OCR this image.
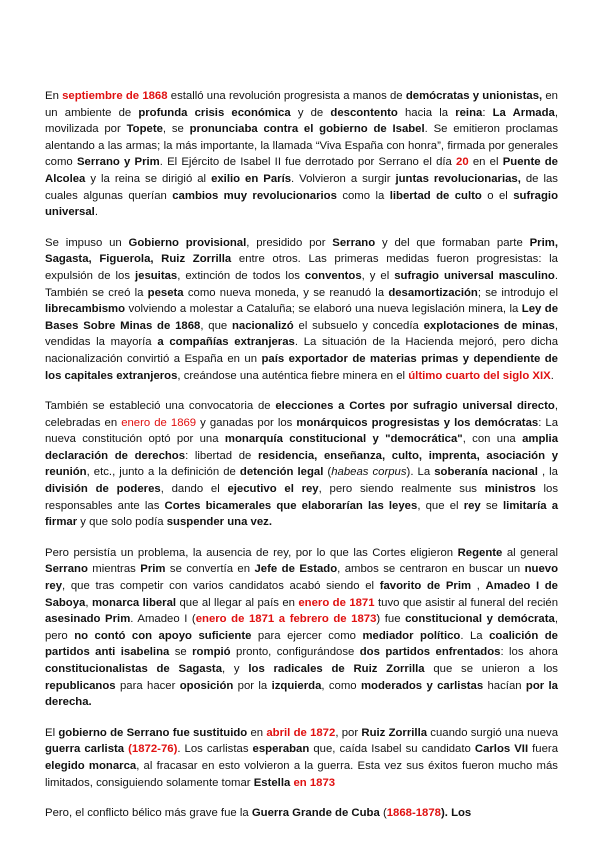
En septiembre de 1868 estalló una revolución progresista a manos de demócratas y unionistas, en un ambiente de profunda crisis económica y de descontento hacia la reina: La Armada, movilizada por Topete, se pronunciaba contra el gobierno de Isabel. Se emitieron proclamas alentando a las armas; la más importante, la llamada “Viva España con honra”, firmada por generales como Serrano y Prim. El Ejército de Isabel II fue derrotado por Serrano el día 20 en el Puente de Alcolea y la reina se dirigió al exilio en París. Volvieron a surgir juntas revolucionarias, de las cuales algunas querían cambios muy revolucionarios como la libertad de culto o el sufragio universal.

Se impuso un Gobierno provisional, presidido por Serrano y del que formaban parte Prim, Sagasta, Figuerola, Ruiz Zorrilla entre otros. Las primeras medidas fueron progresistas: la expulsión de los jesuitas, extinción de todos los conventos, y el sufragio universal masculino. También se creó la peseta como nueva moneda, y se reanudó la desamortización; se introdujo el librecambismo volviendo a molestar a Cataluña; se elaboró una nueva legislación minera, la Ley de Bases Sobre Minas de 1868, que nacionalizó el subsuelo y concedía explotaciones de minas, vendidas la mayoría a compañías extranjeras. La situación de la Hacienda mejoró, pero dicha nacionalización convirtió a España en un país exportador de materias primas y dependiente de los capitales extranjeros, creándose una auténtica fiebre minera en el último cuarto del siglo XIX.

También se estableció una convocatoria de elecciones a Cortes por sufragio universal directo, celebradas en enero de 1869 y ganadas por los monárquicos progresistas y los demócratas: La nueva constitución optó por una monarquía constitucional y "democrática", con una amplia declaración de derechos: libertad de residencia, enseñanza, culto, imprenta, asociación y reunión, etc., junto a la definición de detención legal (habeas corpus). La soberanía nacional , la división de poderes, dando el ejecutivo el rey, pero siendo realmente sus ministros los responsables ante las Cortes bicamerales que elaborarían las leyes, que el rey se limitaría a firmar y que solo podía suspender una vez.

Pero persistía un problema, la ausencia de rey, por lo que las Cortes eligieron Regente al general Serrano mientras Prim se convertía en Jefe de Estado, ambos se centraron en buscar un nuevo rey, que tras competir con varios candidatos acabó siendo el favorito de Prim , Amadeo I de Saboya, monarca liberal que al llegar al país en enero de 1871 tuvo que asistir al funeral del recién asesinado Prim. Amadeo I (enero de 1871 a febrero de 1873) fue constitucional y demócrata, pero no contó con apoyo suficiente para ejercer como mediador político. La coalición de partidos anti isabelina se rompió pronto, configurándose dos partidos enfrentados: los ahora constitucionalistas de Sagasta, y los radicales de Ruiz Zorrilla que se unieron a los republicanos para hacer oposición por la izquierda, como moderados y carlistas hacían por la derecha.

El gobierno de Serrano fue sustituido en abril de 1872, por Ruiz Zorrilla cuando surgió una nueva guerra carlista (1872-76). Los carlistas esperaban que, caída Isabel su candidato Carlos VII fuera elegido monarca, al fracasar en esto volvieron a la guerra. Esta vez sus éxitos fueron mucho más limitados, consiguiendo solamente tomar Estella en 1873

Pero, el conflicto bélico más grave fue la Guerra Grande de Cuba (1868-1878). Los
